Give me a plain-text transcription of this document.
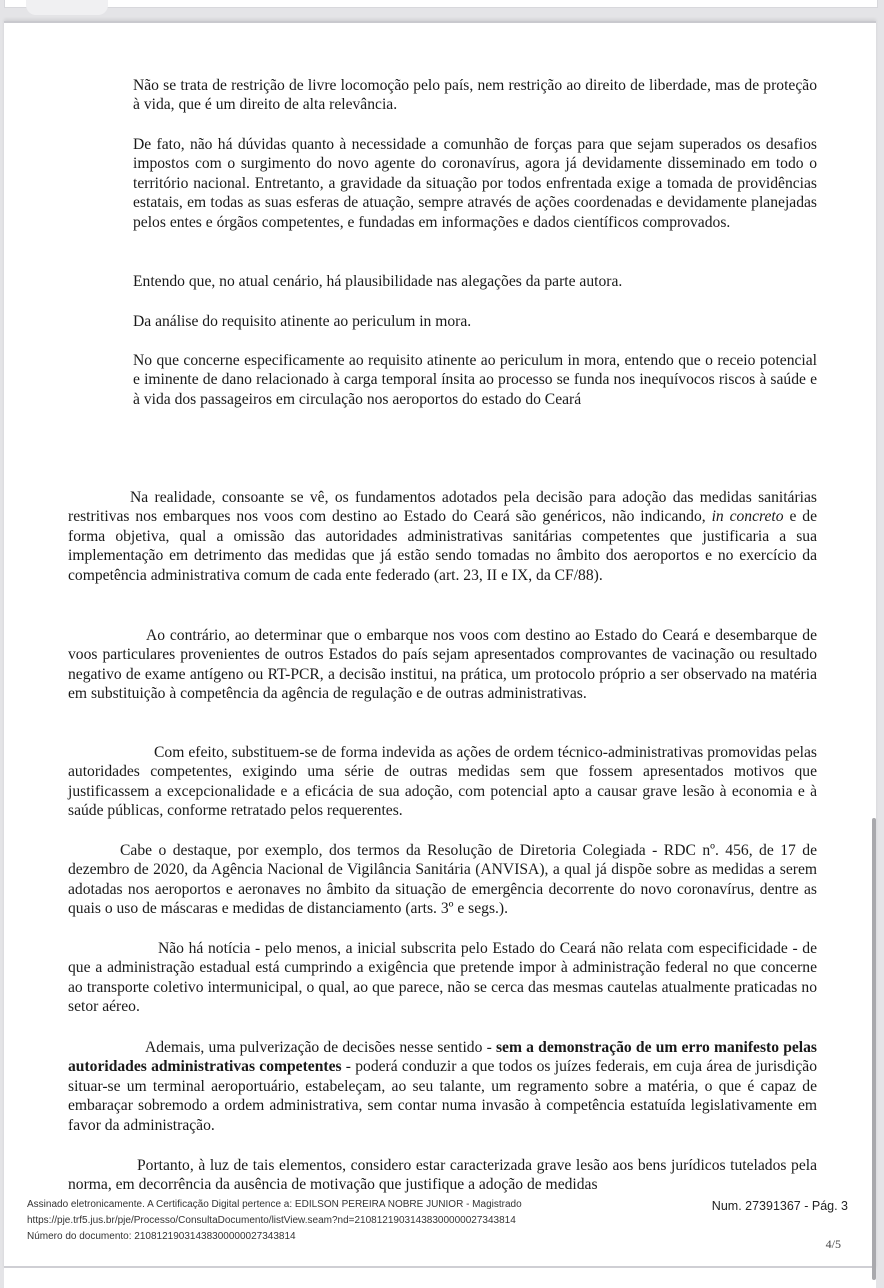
Não se trata de restrição de livre locomoção pelo país, nem restrição ao direito de liberdade, mas de proteção à vida, que é um direito de alta relevância.

De fato, não há dúvidas quanto à necessidade a comunhão de forças para que sejam superados os desafios impostos com o surgimento do novo agente do coronavírus, agora já devidamente disseminado em todo o território nacional. Entretanto, a gravidade da situação por todos enfrentada exige a tomada de providências estatais, em todas as suas esferas de atuação, sempre através de ações coordenadas e devidamente planejadas pelos entes e órgãos competentes, e fundadas em informações e dados científicos comprovados.

Entendo que, no atual cenário, há plausibilidade nas alegações da parte autora.

Da análise do requisito atinente ao periculum in mora.

No que concerne especificamente ao requisito atinente ao periculum in mora, entendo que o receio potencial e iminente de dano relacionado à carga temporal ínsita ao processo se funda nos inequívocos riscos à saúde e à vida dos passageiros em circulação nos aeroportos do estado do Ceará

Na realidade, consoante se vê, os fundamentos adotados pela decisão para adoção das medidas sanitárias restritivas nos embarques nos voos com destino ao Estado do Ceará são genéricos, não indicando, in concreto e de forma objetiva, qual a omissão das autoridades administrativas sanitárias competentes que justificaria a sua implementação em detrimento das medidas que já estão sendo tomadas no âmbito dos aeroportos e no exercício da competência administrativa comum de cada ente federado (art. 23, II e IX, da CF/88).

Ao contrário, ao determinar que o embarque nos voos com destino ao Estado do Ceará e desembarque de voos particulares provenientes de outros Estados do país sejam apresentados comprovantes de vacinação ou resultado negativo de exame antígeno ou RT-PCR, a decisão institui, na prática, um protocolo próprio a ser observado na matéria em substituição à competência da agência de regulação e de outras administrativas.

Com efeito, substituem-se de forma indevida as ações de ordem técnico-administrativas promovidas pelas autoridades competentes, exigindo uma série de outras medidas sem que fossem apresentados motivos que justificassem a excepcionalidade e a eficácia de sua adoção, com potencial apto a causar grave lesão à economia e à saúde públicas, conforme retratado pelos requerentes.

Cabe o destaque, por exemplo, dos termos da Resolução de Diretoria Colegiada - RDC nº. 456, de 17 de dezembro de 2020, da Agência Nacional de Vigilância Sanitária (ANVISA), a qual já dispõe sobre as medidas a serem adotadas nos aeroportos e aeronaves no âmbito da situação de emergência decorrente do novo coronavírus, dentre as quais o uso de máscaras e medidas de distanciamento (arts. 3º e segs.).

Não há notícia - pelo menos, a inicial subscrita pelo Estado do Ceará não relata com especificidade - de que a administração estadual está cumprindo a exigência que pretende impor à administração federal no que concerne ao transporte coletivo intermunicipal, o qual, ao que parece, não se cerca das mesmas cautelas atualmente praticadas no setor aéreo.

Ademais, uma pulverização de decisões nesse sentido - sem a demonstração de um erro manifesto pelas autoridades administrativas competentes - poderá conduzir a que todos os juízes federais, em cuja área de jurisdição situar-se um terminal aeroportuário, estabeleçam, ao seu talante, um regramento sobre a matéria, o que é capaz de embaraçar sobremodo a ordem administrativa, sem contar numa invasão à competência estatuída legislativamente em favor da administração.

Portanto, à luz de tais elementos, considero estar caracterizada grave lesão aos bens jurídicos tutelados pela norma, em decorrência da ausência de motivação que justifique a adoção de medidas

Assinado eletronicamente. A Certificação Digital pertence a: EDILSON PEREIRA NOBRE JUNIOR - Magistrado
https://pje.trf5.jus.br/pje/Processo/ConsultaDocumento/listView.seam?nd=21081219031438300000027343814
Número do documento: 21081219031438300000027343814
Num. 27391367 - Pág. 3
4/5
